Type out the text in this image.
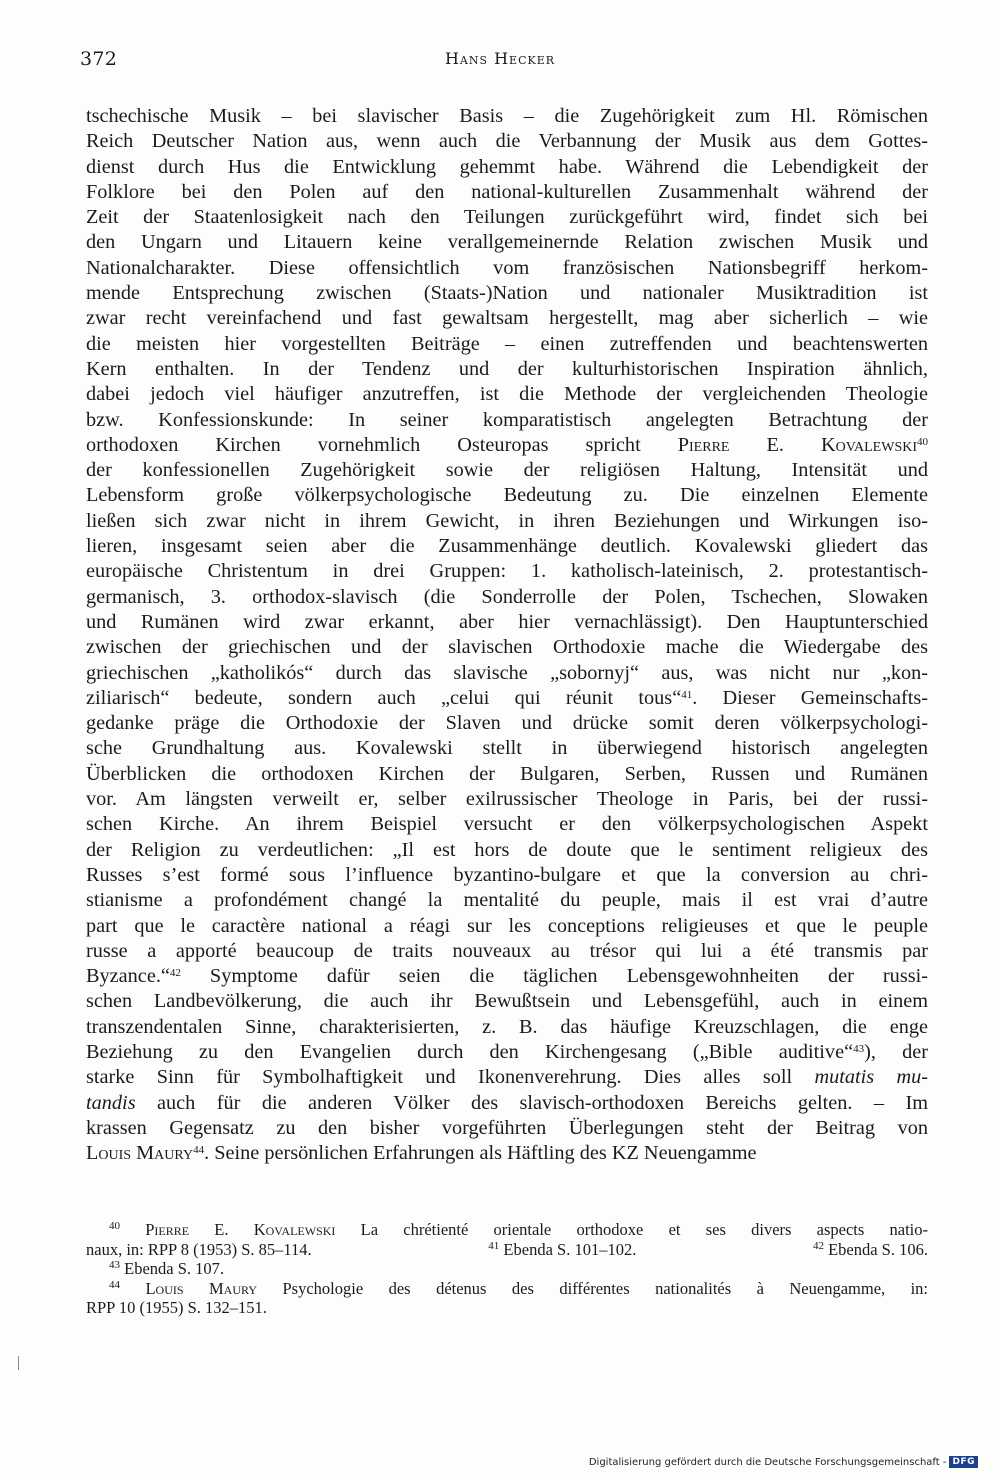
372	Hans Hecker
tschechische Musik – bei slavischer Basis – die Zugehörigkeit zum Hl. Römischen
Reich Deutscher Nation aus, wenn auch die Verbannung der Musik aus dem Gottes-
dienst durch Hus die Entwicklung gehemmt habe. Während die Lebendigkeit der
Folklore bei den Polen auf den national-kulturellen Zusammenhalt während der
Zeit der Staatenlosigkeit nach den Teilungen zurückgeführt wird, findet sich bei
den Ungarn und Litauern keine verallgemeinernde Relation zwischen Musik und
Nationalcharakter. Diese offensichtlich vom französischen Nationsbegriff herkom-
mende Entsprechung zwischen (Staats-)Nation und nationaler Musiktradition ist
zwar recht vereinfachend und fast gewaltsam hergestellt, mag aber sicherlich – wie
die meisten hier vorgestellten Beiträge – einen zutreffenden und beachtenswerten
Kern enthalten. In der Tendenz und der kulturhistorischen Inspiration ähnlich,
dabei jedoch viel häufiger anzutreffen, ist die Methode der vergleichenden Theologie
bzw. Konfessionskunde: In seiner komparatistisch angelegten Betrachtung der
orthodoxen Kirchen vornehmlich Osteuropas spricht Pierre E. Kovalewski$^{40}$
der konfessionellen Zugehörigkeit sowie der religiösen Haltung, Intensität und
Lebensform große völkerpsychologische Bedeutung zu. Die einzelnen Elemente
ließen sich zwar nicht in ihrem Gewicht, in ihren Beziehungen und Wirkungen iso-
lieren, insgesamt seien aber die Zusammenhänge deutlich. Kovalewski gliedert das
europäische Christentum in drei Gruppen: 1. katholisch-lateinisch, 2. protestantisch-
germanisch, 3. orthodox-slavisch (die Sonderrolle der Polen, Tschechen, Slowaken
und Rumänen wird zwar erkannt, aber hier vernachlässigt). Den Hauptunterschied
zwischen der griechischen und der slavischen Orthodoxie mache die Wiedergabe des
griechischen „katholikós“ durch das slavische „sobornyj“ aus, was nicht nur „kon-
ziliarisch“ bedeute, sondern auch „celui qui réunit tous“$^{41}$. Dieser Gemeinschafts-
gedanke präge die Orthodoxie der Slaven und drücke somit deren völkerpsychologi-
sche Grundhaltung aus. Kovalewski stellt in überwiegend historisch angelegten
Überblicken die orthodoxen Kirchen der Bulgaren, Serben, Russen und Rumänen
vor. Am längsten verweilt er, selber exilrussischer Theologe in Paris, bei der russi-
schen Kirche. An ihrem Beispiel versucht er den völkerpsychologischen Aspekt
der Religion zu verdeutlichen: „Il est hors de doute que le sentiment religieux des
Russes s’est formé sous l’influence byzantino-bulgare et que la conversion au chri-
stianisme a profondément changé la mentalité du peuple, mais il est vrai d’autre
part que le caractère national a réagi sur les conceptions religieuses et que le peuple
russe a apporté beaucoup de traits nouveaux au trésor qui lui a été transmis par
Byzance.“$^{42}$ Symptome dafür seien die täglichen Lebensgewohnheiten der russi-
schen Landbevölkerung, die auch ihr Bewußtsein und Lebensgefühl, auch in einem
transzendentalen Sinne, charakterisierten, z. B. das häufige Kreuzschlagen, die enge
Beziehung zu den Evangelien durch den Kirchengesang („Bible auditive“$^{43}$), der
starke Sinn für Symbolhaftigkeit und Ikonenverehrung. Dies alles soll mutatis mu-
tandis auch für die anderen Völker des slavisch-orthodoxen Bereichs gelten. – Im
krassen Gegensatz zu den bisher vorgeführten Überlegungen steht der Beitrag von
Louis Maury$^{44}$. Seine persönlichen Erfahrungen als Häftling des KZ Neuengamme
$^{40}$ Pierre E. Kovalewski La chrétienté orientale orthodoxe et ses divers aspects natio-
naux, in: RPP 8 (1953) S. 85–114.	$^{41}$ Ebenda S. 101–102.	$^{42}$ Ebenda S. 106.
$^{43}$ Ebenda S. 107.
$^{44}$ Louis Maury Psychologie des détenus des différentes nationalités à Neuengamme, in:
RPP 10 (1955) S. 132–151.
Digitalisierung gefördert durch die Deutsche Forschungsgemeinschaft - DFG
